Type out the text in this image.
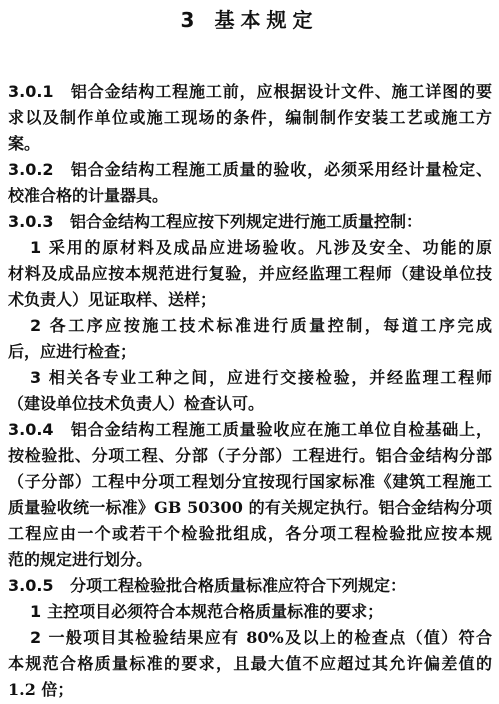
3 基本规定
3.0.1 铝合金结构工程施工前，应根据设计文件、施工详图的要
求以及制作单位或施工现场的条件，编制制作安装工艺或施工方
案。
3.0.2 铝合金结构工程施工质量的验收，必须采用经计量检定、
校准合格的计量器具。
3.0.3 铝合金结构工程应按下列规定进行施工质量控制：
1 采用的原材料及成品应进场验收。凡涉及安全、功能的原
材料及成品应按本规范进行复验，并应经监理工程师（建设单位技
术负责人）见证取样、送样；
2 各工序应按施工技术标准进行质量控制，每道工序完成
后，应进行检查；
3 相关各专业工种之间，应进行交接检验，并经监理工程师
（建设单位技术负责人）检查认可。
3.0.4 铝合金结构工程施工质量验收应在施工单位自检基础上，
按检验批、分项工程、分部（子分部）工程进行。铝合金结构分部
（子分部）工程中分项工程划分宜按现行国家标准《建筑工程施工
质量验收统一标准》GB 50300 的有关规定执行。铝合金结构分项
工程应由一个或若干个检验批组成，各分项工程检验批应按本规
范的规定进行划分。
3.0.5 分项工程检验批合格质量标准应符合下列规定：
1 主控项目必须符合本规范合格质量标准的要求；
2 一般项目其检验结果应有 80%及以上的检查点（值）符合
本规范合格质量标准的要求，且最大值不应超过其允许偏差值的
1.2 倍；
